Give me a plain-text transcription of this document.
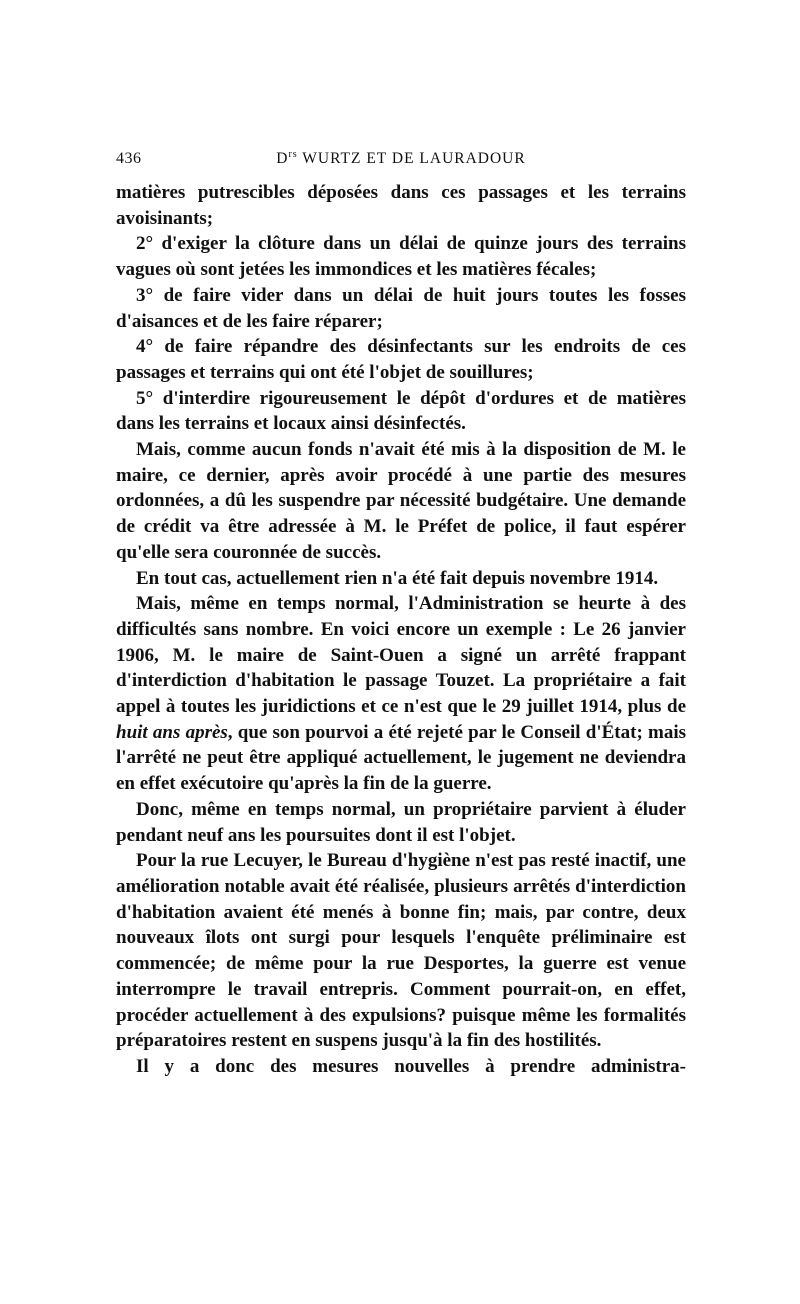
436	$D^{rs}$ WURTZ ET DE LAURADOUR

matières putrescibles déposées dans ces passages et les terrains avoisinants;

2° d'exiger la clôture dans un délai de quinze jours des terrains vagues où sont jetées les immondices et les matières fécales;

3° de faire vider dans un délai de huit jours toutes les fosses d'aisances et de les faire réparer;

4° de faire répandre des désinfectants sur les endroits de ces passages et terrains qui ont été l'objet de souillures;

5° d'interdire rigoureusement le dépôt d'ordures et de matières dans les terrains et locaux ainsi désinfectés.

Mais, comme aucun fonds n'avait été mis à la disposition de M. le maire, ce dernier, après avoir procédé à une partie des mesures ordonnées, a dû les suspendre par nécessité budgétaire. Une demande de crédit va être adressée à M. le Préfet de police, il faut espérer qu'elle sera couronnée de succès.

En tout cas, actuellement rien n'a été fait depuis novembre 1914.

Mais, même en temps normal, l'Administration se heurte à des difficultés sans nombre. En voici encore un exemple : Le 26 janvier 1906, M. le maire de Saint-Ouen a signé un arrêté frappant d'interdiction d'habitation le passage Touzet. La propriétaire a fait appel à toutes les juridictions et ce n'est que le 29 juillet 1914, plus de huit ans après, que son pourvoi a été rejeté par le Conseil d'État; mais l'arrêté ne peut être appliqué actuellement, le jugement ne deviendra en effet exécutoire qu'après la fin de la guerre.

Donc, même en temps normal, un propriétaire parvient à éluder pendant neuf ans les poursuites dont il est l'objet.

Pour la rue Lecuyer, le Bureau d'hygiène n'est pas resté inactif, une amélioration notable avait été réalisée, plusieurs arrêtés d'interdiction d'habitation avaient été menés à bonne fin; mais, par contre, deux nouveaux îlots ont surgi pour lesquels l'enquête préliminaire est commencée; de même pour la rue Desportes, la guerre est venue interrompre le travail entrepris. Comment pourrait-on, en effet, procéder actuellement à des expulsions? puisque même les formalités préparatoires restent en suspens jusqu'à la fin des hostilités.

Il y a donc des mesures nouvelles à prendre administra-
